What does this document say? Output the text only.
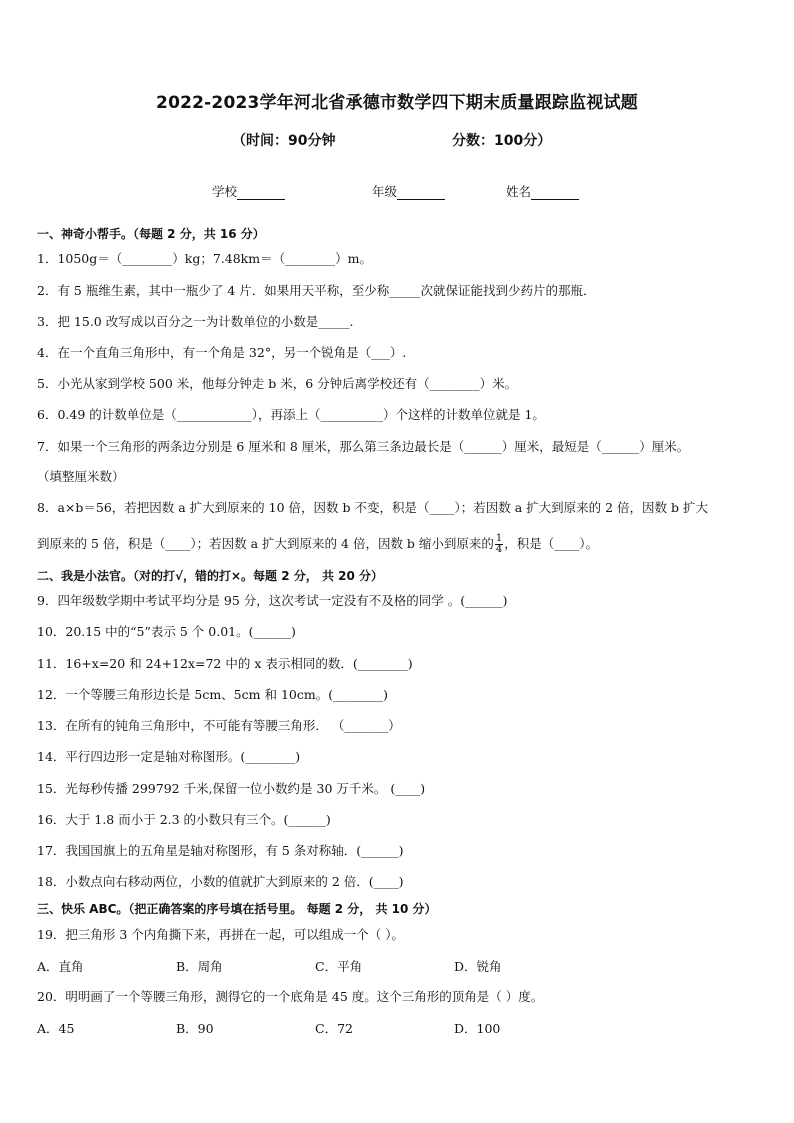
2022-2023学年河北省承德市数学四下期末质量跟踪监视试题
（时间：90分钟	分数：100分）
学校	年级	姓名
一、神奇小帮手。（每题 2 分，共 16 分）
1．1050g＝（________）kg；7.48km＝（________）m。
2．有 5 瓶维生素，其中一瓶少了 4 片．如果用天平称，至少称_____次就保证能找到少药片的那瓶．
3．把 15.0 改写成以百分之一为计数单位的小数是_____.
4．在一个直角三角形中，有一个角是 32°，另一个锐角是（___）.
5．小光从家到学校 500 米，他每分钟走 b 米，6 分钟后离学校还有（________）米。
6．0.49 的计数单位是（____________），再添上（__________）个这样的计数单位就是 1。
7．如果一个三角形的两条边分别是 6 厘米和 8 厘米，那么第三条边最长是（______）厘米，最短是（______）厘米。
（填整厘米数）
8．a×b＝56，若把因数 a 扩大到原来的 10 倍，因数 b 不变，积是（____）；若因数 a 扩大到原来的 2 倍，因数 b 扩大
到原来的 5 倍，积是（____）；若因数 a 扩大到原来的 4 倍，因数 b 缩小到原来的 $\frac{1}{4}$ ，积是（____）。
二、我是小法官。（对的打√，错的打×。每题 2 分， 共 20 分）
9．四年级数学期中考试平均分是 95 分，这次考试一定没有不及格的同学 。(______)
10．20.15 中的“5”表示 5 个 0.01。(______)
11．16+x=20 和 24+12x=72 中的 x 表示相同的数．(________)
12．一个等腰三角形边长是 5cm、5cm 和 10cm。(________)
13．在所有的钝角三角形中，不可能有等腰三角形． （_______）
14．平行四边形一定是轴对称图形。(________)
15．光每秒传播 299792 千米,保留一位小数约是 30 万千米。 (____)
16．大于 1.8 而小于 2.3 的小数只有三个。(______)
17．我国国旗上的五角星是轴对称图形，有 5 条对称轴．(______)
18．小数点向右移动两位，小数的值就扩大到原来的 2 倍．(____)
三、快乐 ABC。（把正确答案的序号填在括号里。 每题 2 分， 共 10 分）
19．把三角形 3 个内角撕下来，再拼在一起，可以组成一个（ ）。
A．直角	B．周角	C．平角	D．锐角
20．明明画了一个等腰三角形，测得它的一个底角是 45 度。这个三角形的顶角是（ ）度。
A．45	B．90	C．72	D．100
